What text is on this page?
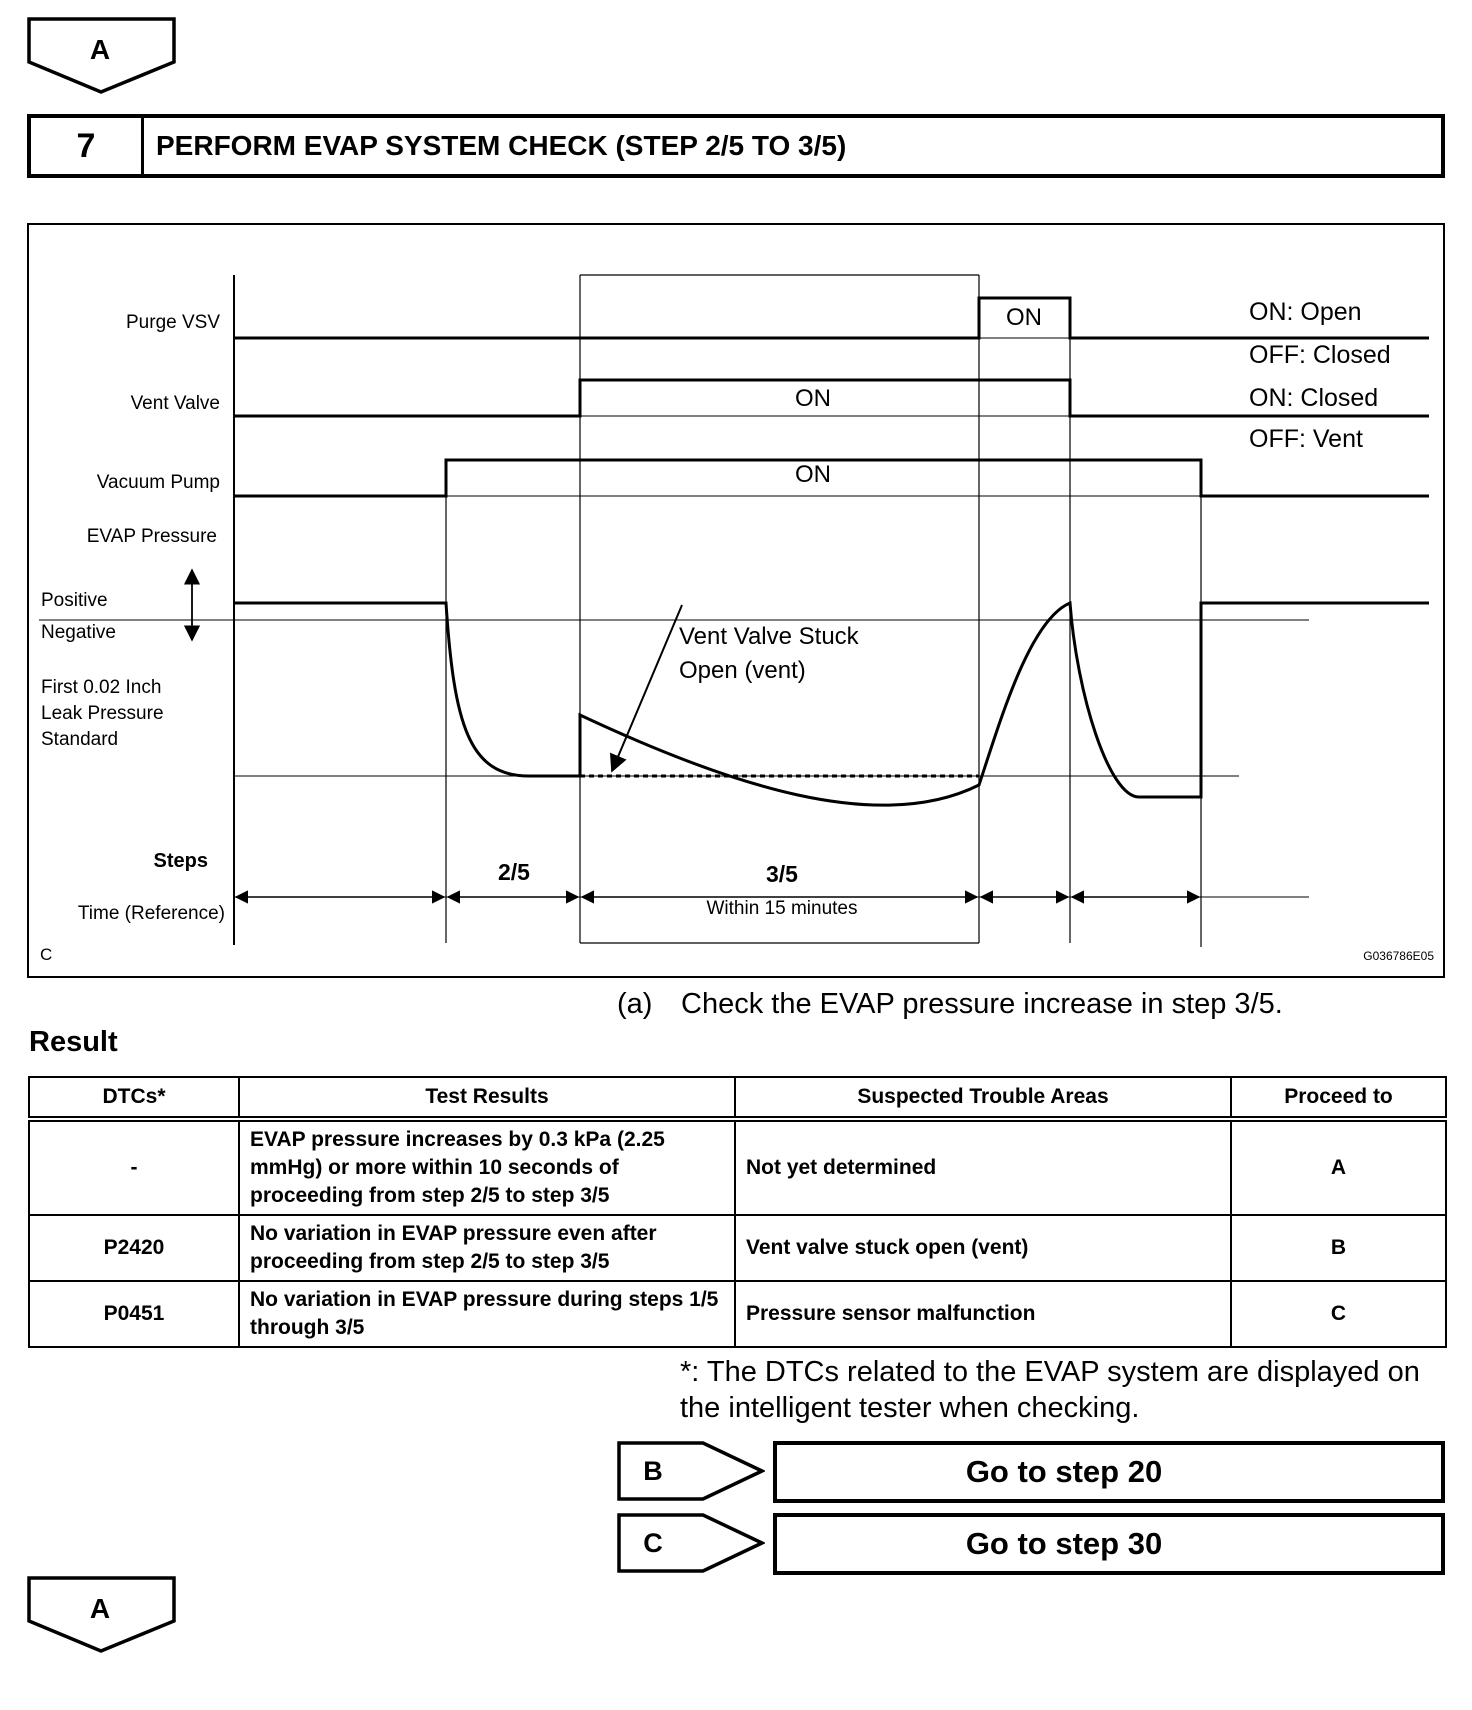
A
7	PERFORM EVAP SYSTEM CHECK (STEP 2/5 TO 3/5)
Purge VSV
Vent Valve
Vacuum Pump
EVAP Pressure
Positive
Negative
First 0.02 Inch
Leak Pressure
Standard
Steps
Time (Reference)
ON
ON
ON
ON: Open
OFF: Closed
ON: Closed
OFF: Vent
Vent Valve Stuck
Open (vent)
2/5	3/5
Within 15 minutes
C	G036786E05
(a) Check the EVAP pressure increase in step 3/5.
Result
DTCs*	Test Results	Suspected Trouble Areas	Proceed to
-	EVAP pressure increases by 0.3 kPa (2.25 mmHg) or more within 10 seconds of proceeding from step 2/5 to step 3/5	Not yet determined	A
P2420	No variation in EVAP pressure even after proceeding from step 2/5 to step 3/5	Vent valve stuck open (vent)	B
P0451	No variation in EVAP pressure during steps 1/5 through 3/5	Pressure sensor malfunction	C
*: The DTCs related to the EVAP system are displayed on the intelligent tester when checking.
B	Go to step 20
C	Go to step 30
A
